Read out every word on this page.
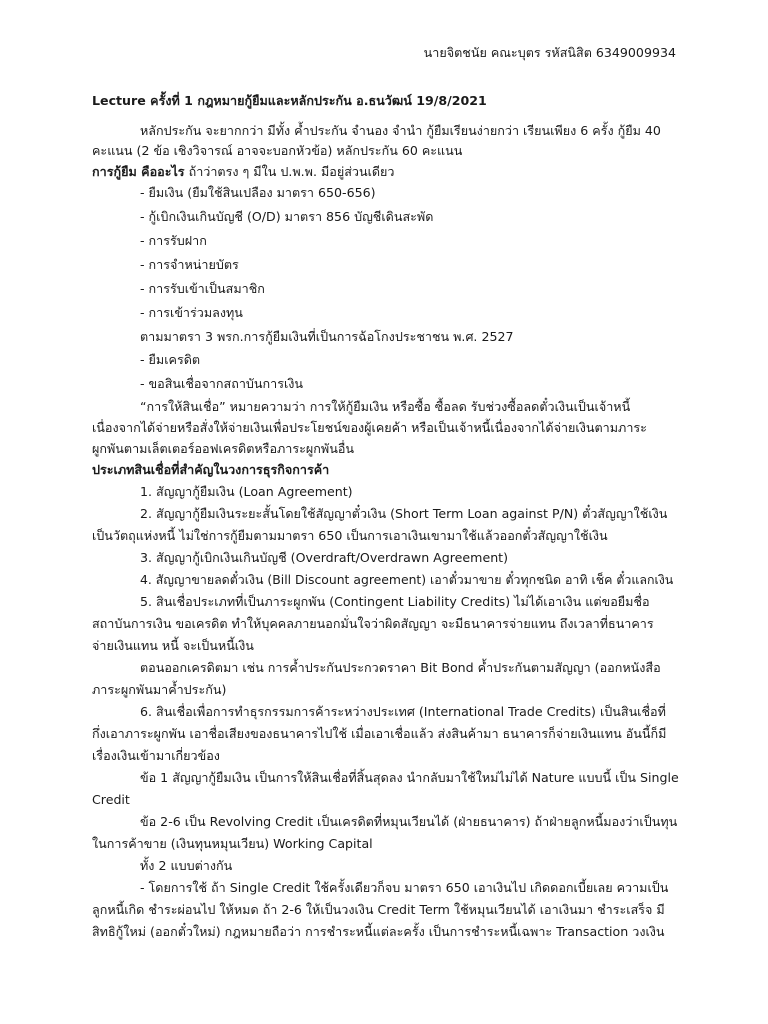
นายจิตชนัย คณะบุตร รหัสนิสิต 6349009934
Lecture ครั้งที่ 1 กฎหมายกู้ยืมและหลักประกัน อ.ธนวัฒน์ 19/8/2021
หลักประกัน จะยากกว่า มีทั้ง ค้ำประกัน จำนอง จำนำ กู้ยืมเรียนง่ายกว่า เรียนเพียง 6 ครั้ง กู้ยืม 40
คะแนน (2 ข้อ เชิงวิจารณ์ อาจจะบอกหัวข้อ) หลักประกัน 60 คะแนน
การกู้ยืม คืออะไร ถ้าว่าตรง ๆ มีใน ป.พ.พ. มีอยู่ส่วนเดียว
- ยืมเงิน (ยืมใช้สินเปลือง มาตรา 650-656)
- กู้เบิกเงินเกินบัญชี (O/D) มาตรา 856 บัญชีเดินสะพัด
- การรับฝาก
- การจำหน่ายบัตร
- การรับเข้าเป็นสมาชิก
- การเข้าร่วมลงทุน
ตามมาตรา 3 พรก.การกู้ยืมเงินที่เป็นการฉ้อโกงประชาชน พ.ศ. 2527
- ยืมเครดิต
- ขอสินเชื่อจากสถาบันการเงิน
“การให้สินเชื่อ” หมายความว่า การให้กู้ยืมเงิน หรือซื้อ ซื้อลด รับช่วงซื้อลดตั๋วเงินเป็นเจ้าหนี้
เนื่องจากได้จ่ายหรือสั่งให้จ่ายเงินเพื่อประโยชน์ของผู้เคยค้า หรือเป็นเจ้าหนี้เนื่องจากได้จ่ายเงินตามภาระ
ผูกพันตามเล็ตเตอร์ออฟเครดิตหรือภาระผูกพันอื่น
ประเภทสินเชื่อที่สำคัญในวงการธุรกิจการค้า
1. สัญญากู้ยืมเงิน (Loan Agreement)
2. สัญญากู้ยืมเงินระยะสั้นโดยใช้สัญญาตั๋วเงิน (Short Term Loan against P/N) ตั๋วสัญญาใช้เงิน
เป็นวัตถุแห่งหนี้ ไม่ใช่การกู้ยืมตามมาตรา 650 เป็นการเอาเงินเขามาใช้แล้วออกตั๋วสัญญาใช้เงิน
3. สัญญากู้เบิกเงินเกินบัญชี (Overdraft/Overdrawn Agreement)
4. สัญญาขายลดตั๋วเงิน (Bill Discount agreement) เอาตั๋วมาขาย ตั๋วทุกชนิด อาทิ เช็ค ตั๋วแลกเงิน
5. สินเชื่อประเภทที่เป็นภาระผูกพัน (Contingent Liability Credits) ไม่ได้เอาเงิน แต่ขอยืมชื่อ
สถาบันการเงิน ขอเครดิต ทำให้บุคคลภายนอกมั่นใจว่าผิดสัญญา จะมีธนาคารจ่ายแทน ถึงเวลาที่ธนาคาร
จ่ายเงินแทน หนี้ จะเป็นหนี้เงิน
ตอนออกเครดิตมา เช่น การค้ำประกันประกวดราคา Bit Bond ค้ำประกันตามสัญญา (ออกหนังสือ
ภาระผูกพันมาค้ำประกัน)
6. สินเชื่อเพื่อการทำธุรกรรมการค้าระหว่างประเทศ (International Trade Credits) เป็นสินเชื่อที่
กึ่งเอาภาระผูกพัน เอาชื่อเสียงของธนาคารไปใช้ เมื่อเอาเชื่อแล้ว ส่งสินค้ามา ธนาคารก็จ่ายเงินแทน อันนี้ก็มี
เรื่องเงินเข้ามาเกี่ยวข้อง
ข้อ 1 สัญญากู้ยืมเงิน เป็นการให้สินเชื่อที่สิ้นสุดลง นำกลับมาใช้ใหม่ไม่ได้ Nature แบบนี้ เป็น Single
Credit
ข้อ 2-6 เป็น Revolving Credit เป็นเครดิตที่หมุนเวียนได้ (ฝ่ายธนาคาร) ถ้าฝ่ายลูกหนี้มองว่าเป็นทุน
ในการค้าขาย (เงินทุนหมุนเวียน) Working Capital
ทั้ง 2 แบบต่างกัน
- โดยการใช้ ถ้า Single Credit ใช้ครั้งเดียวก็จบ มาตรา 650 เอาเงินไป เกิดดอกเบี้ยเลย ความเป็น
ลูกหนี้เกิด ชำระผ่อนไป ให้หมด ถ้า 2-6 ให้เป็นวงเงิน Credit Term ใช้หมุนเวียนได้ เอาเงินมา ชำระเสร็จ มี
สิทธิกู้ใหม่ (ออกตั๋วใหม่) กฎหมายถือว่า การชำระหนี้แต่ละครั้ง เป็นการชำระหนี้เฉพาะ Transaction วงเงิน
